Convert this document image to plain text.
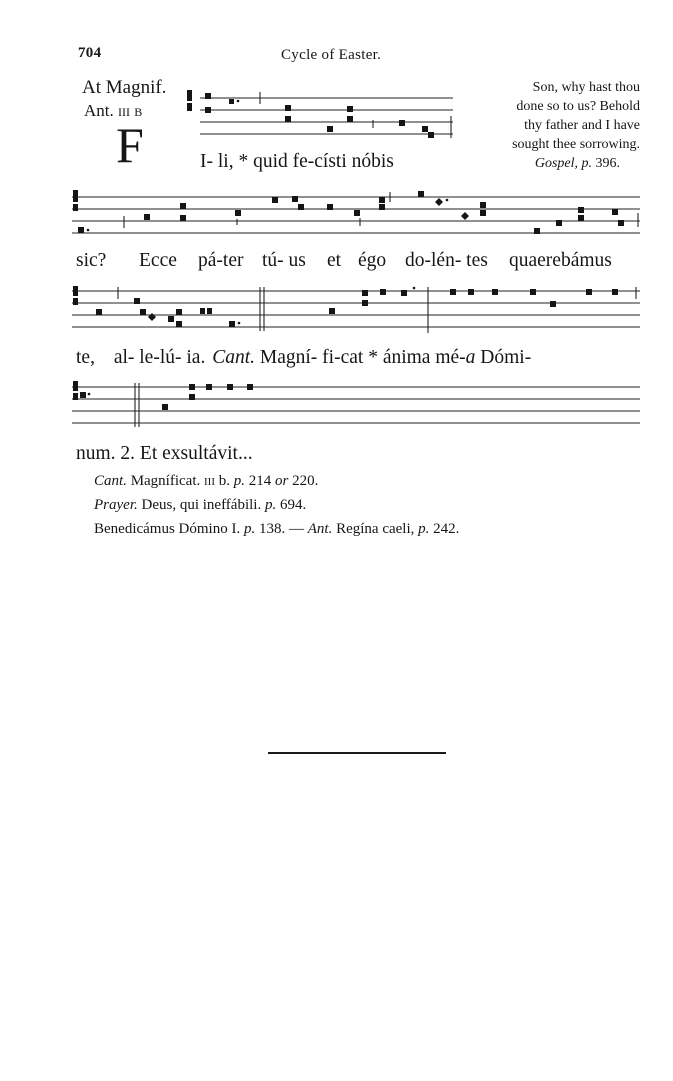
704	Cycle of Easter.
At Magnif.
Ant. iii b
F
Son, why hast thou
done so to us? Behold
thy father and I have
sought thee sorrowing.
Gospel, p. 396.
I- li, * quid fe-císti nóbis
sic? Ecce pá-ter tú- us et égo do-lén- tes quaerebámus
te, al- le-lú- ia. Cant. Magní- fi-cat * ánima mé-a Dómi-
num. 2. Et exsultávit...
Cant. Magníficat. iii b. p. 214 or 220.
Prayer. Deus, qui ineffábili. p. 694.
Benedicámus Dómino I. p. 138. — Ant. Regína caeli, p. 242.
